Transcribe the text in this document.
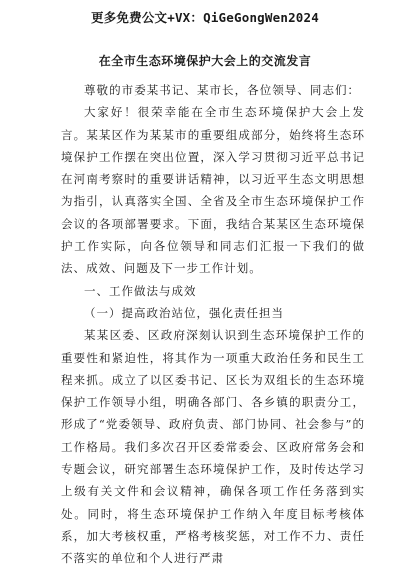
更多免费公文+VX：QiGeGongWen2024
在全市生态环境保护大会上的交流发言

尊敬的市委某书记、某市长，各位领导、同志们：

大家好！很荣幸能在全市生态环境保护大会上发言。某某区作为某某市的重要组成部分，始终将生态环境保护工作摆在突出位置，深入学习贯彻习近平总书记在河南考察时的重要讲话精神，以习近平生态文明思想为指引，认真落实全国、全省及全市生态环境保护工作会议的各项部署要求。下面，我结合某某区生态环境保护工作实际，向各位领导和同志们汇报一下我们的做法、成效、问题及下一步工作计划。

一、工作做法与成效

（一）提高政治站位，强化责任担当

某某区委、区政府深刻认识到生态环境保护工作的重要性和紧迫性，将其作为一项重大政治任务和民生工程来抓。成立了以区委书记、区长为双组长的生态环境保护工作领导小组，明确各部门、各乡镇的职责分工，形成了“党委领导、政府负责、部门协同、社会参与”的工作格局。我们多次召开区委常委会、区政府常务会和专题会议，研究部署生态环境保护工作，及时传达学习上级有关文件和会议精神，确保各项工作任务落到实处。同时，将生态环境保护工作纳入年度目标考核体系，加大考核权重，严格考核奖惩，对工作不力、责任不落实的单位和个人进行严肃
